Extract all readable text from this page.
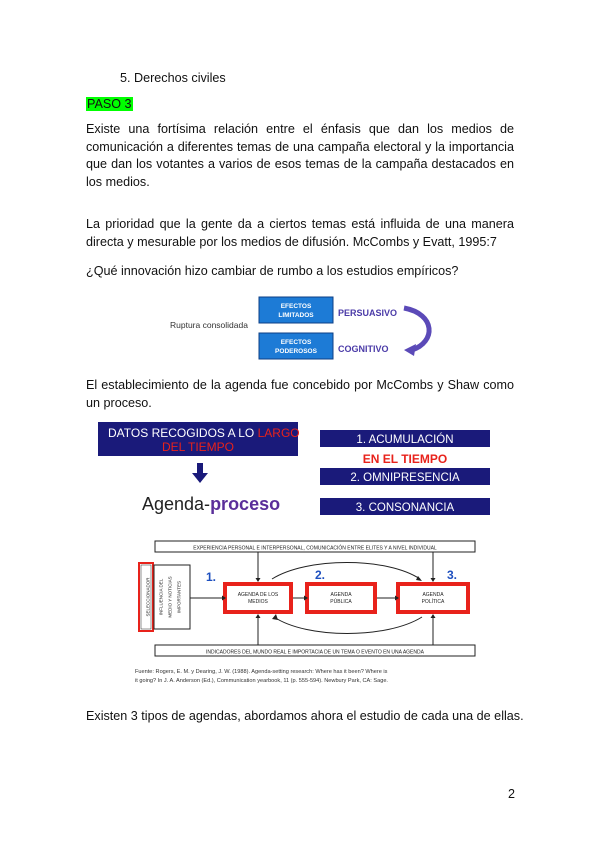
5. Derechos civiles
PASO 3
Existe una fortísima relación entre el énfasis que dan los medios de comunicación a diferentes temas de una campaña electoral y la importancia que dan los votantes a varios de esos temas de la campaña destacados en los medios.
La prioridad que la gente da a ciertos temas está influida de una manera directa y mesurable por los medios de difusión. McCombs y Evatt, 1995:7
¿Qué innovación hizo cambiar de rumbo a los estudios empíricos?
Ruptura consolidada
EFECTOS
LIMITADOS
EFECTOS
PODEROSOS
PERSUASIVO
COGNITIVO
El establecimiento de la agenda fue concebido por McCombs y Shaw como un proceso.
DATOS RECOGIDOS A LO LARGO
DEL TIEMPO
Agenda-proceso
1. ACUMULACIÓN
EN EL TIEMPO
2. OMNIPRESENCIA
3. CONSONANCIA
EXPERIENCIA PERSONAL E INTERPERSONAL, COMUNICACIÓN ENTRE ELITES Y A NIVEL INDIVIDUAL
INDICADORES DEL MUNDO REAL E IMPORTACIA DE UN TEMA O EVENTO EN UNA AGENDA
SELECCIONADOR INFLUENCIA DEL MEDIO Y NOTICIAS IMPORTANTES
1.	2.	3.
AGENDA DE LOS
MEDIOS
AGENDA
PÚBLICA
AGENDA
POLÍTICA
Fuente: Rogers, E. M. y Dearing, J. W. (1988). Agenda-setting research: Where has it been? Where is
it going? In J. A. Anderson (Ed.), Communication yearbook, 11 (p. 555-594). Newbury Park, CA: Sage.
Existen 3 tipos de agendas, abordamos ahora el estudio de cada una de ellas.
2
